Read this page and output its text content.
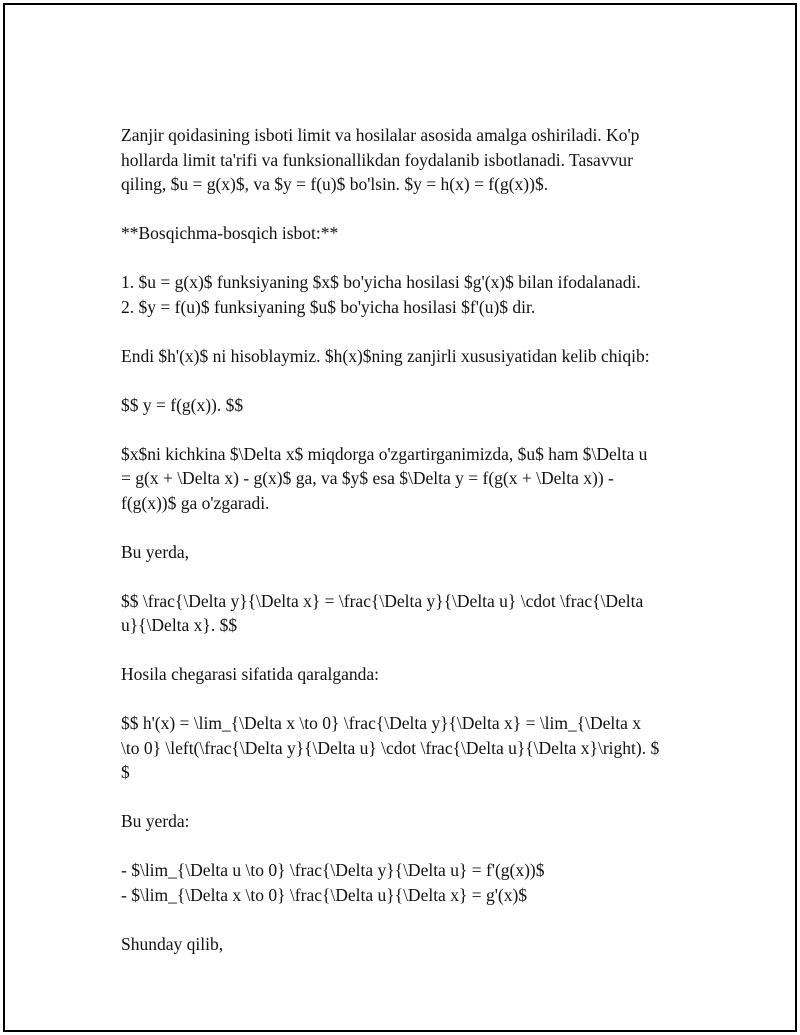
Zanjir qoidasining isboti limit va hosilalar asosida amalga oshiriladi. Ko'p
hollarda limit ta'rifi va funksionallikdan foydalanib isbotlanadi. Tasavvur
qiling, $u = g(x)$, va $y = f(u)$ bo'lsin. $y = h(x) = f(g(x))$.

**Bosqichma-bosqich isbot:**

1. $u = g(x)$ funksiyaning $x$ bo'yicha hosilasi $g'(x)$ bilan ifodalanadi.
2. $y = f(u)$ funksiyaning $u$ bo'yicha hosilasi $f'(u)$ dir.

Endi $h'(x)$ ni hisoblaymiz. $h(x)$ning zanjirli xususiyatidan kelib chiqib:

$$ y = f(g(x)). $$

$x$ni kichkina $\Delta x$ miqdorga o'zgartirganimizda, $u$ ham $\Delta u
= g(x + \Delta x) - g(x)$ ga, va $y$ esa $\Delta y = f(g(x + \Delta x)) -
f(g(x))$ ga o'zgaradi.

Bu yerda,

$$ \frac{\Delta y}{\Delta x} = \frac{\Delta y}{\Delta u} \cdot \frac{\Delta
u}{\Delta x}. $$

Hosila chegarasi sifatida qaralganda:

$$ h'(x) = \lim_{\Delta x \to 0} \frac{\Delta y}{\Delta x} = \lim_{\Delta x
\to 0} \left(\frac{\Delta y}{\Delta u} \cdot \frac{\Delta u}{\Delta x}\right). $
$

Bu yerda:

- $\lim_{\Delta u \to 0} \frac{\Delta y}{\Delta u} = f'(g(x))$
- $\lim_{\Delta x \to 0} \frac{\Delta u}{\Delta x} = g'(x)$

Shunday qilib,
